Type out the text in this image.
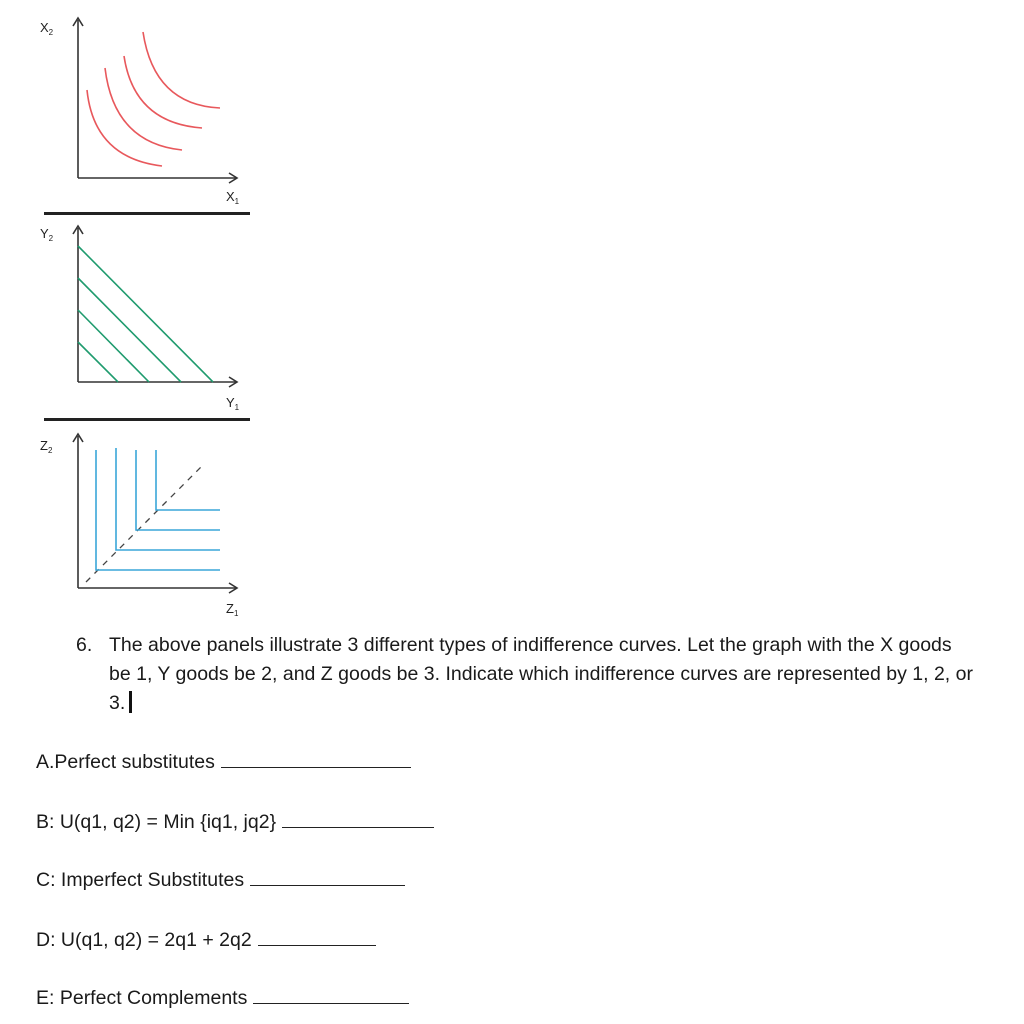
$X_2$
$X_1$
$Y_2$
$Y_1$
$Z_2$
$Z_1$
6. The above panels illustrate 3 different types of indifference curves. Let the graph with the X goods be 1, Y goods be 2, and Z goods be 3. Indicate which indifference curves are represented by 1, 2, or 3.
A.Perfect substitutes
B: U(q1, q2) = Min {iq1, jq2}
C: Imperfect Substitutes
D: U(q1, q2) = 2q1 + 2q2
E: Perfect Complements
